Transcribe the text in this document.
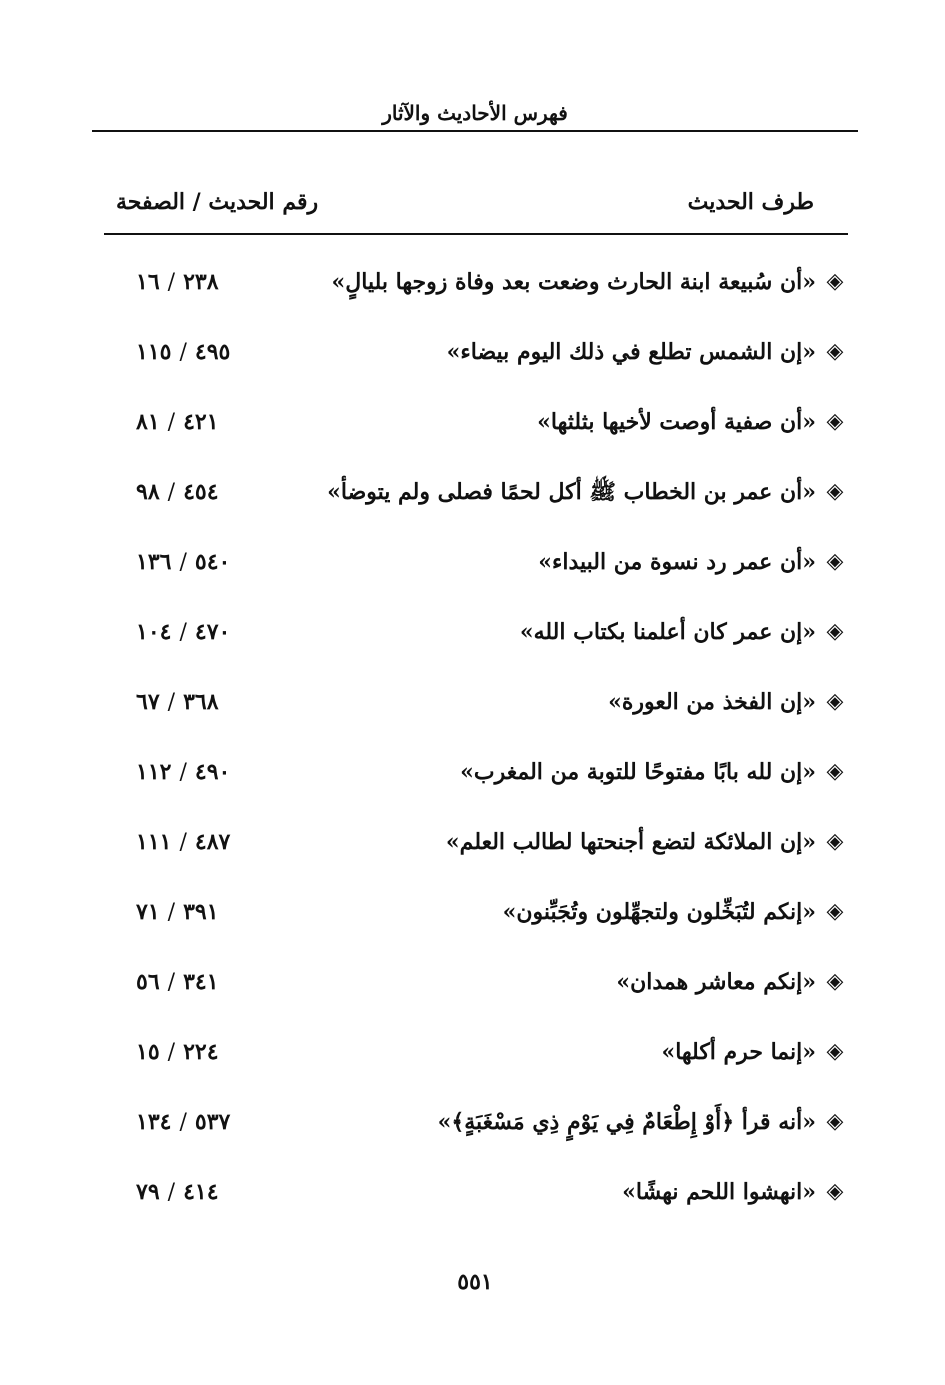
فهرس الأحاديث والآثار
طرف الحديث
رقم الحديث / الصفحة
◈
«أن سُبيعة ابنة الحارث وضعت بعد وفاة زوجها بليالٍ»
١٦ / ٢٣٨
◈
«إن الشمس تطلع في ذلك اليوم بيضاء»
١١٥ / ٤٩٥
◈
«أن صفية أوصت لأخيها بثلثها»
٨١ / ٤٢١
◈
«أن عمر بن الخطاب ﷺ أكل لحمًا فصلى ولم يتوضأ»
٩٨ / ٤٥٤
◈
«أن عمر رد نسوة من البيداء»
١٣٦ / ٥٤٠
◈
«إن عمر كان أعلمنا بكتاب الله»
١٠٤ / ٤٧٠
◈
«إن الفخذ من العورة»
٦٧ / ٣٦٨
◈
«إن لله بابًا مفتوحًا للتوبة من المغرب»
١١٢ / ٤٩٠
◈
«إن الملائكة لتضع أجنحتها لطالب العلم»
١١١ / ٤٨٧
◈
«إنكم لتُبَخِّلون ولتجهِّلون وتُجَبِّنون»
٧١ / ٣٩١
◈
«إنكم معاشر همدان»
٥٦ / ٣٤١
◈
«إنما حرم أكلها»
١٥ / ٢٢٤
◈
«أنه قرأ ﴿أَوْ إِطْعَامٌ فِي يَوْمٍ ذِي مَسْغَبَةٍ﴾»
١٣٤ / ٥٣٧
◈
«انهشوا اللحم نهشًا»
٧٩ / ٤١٤
٥٥١
